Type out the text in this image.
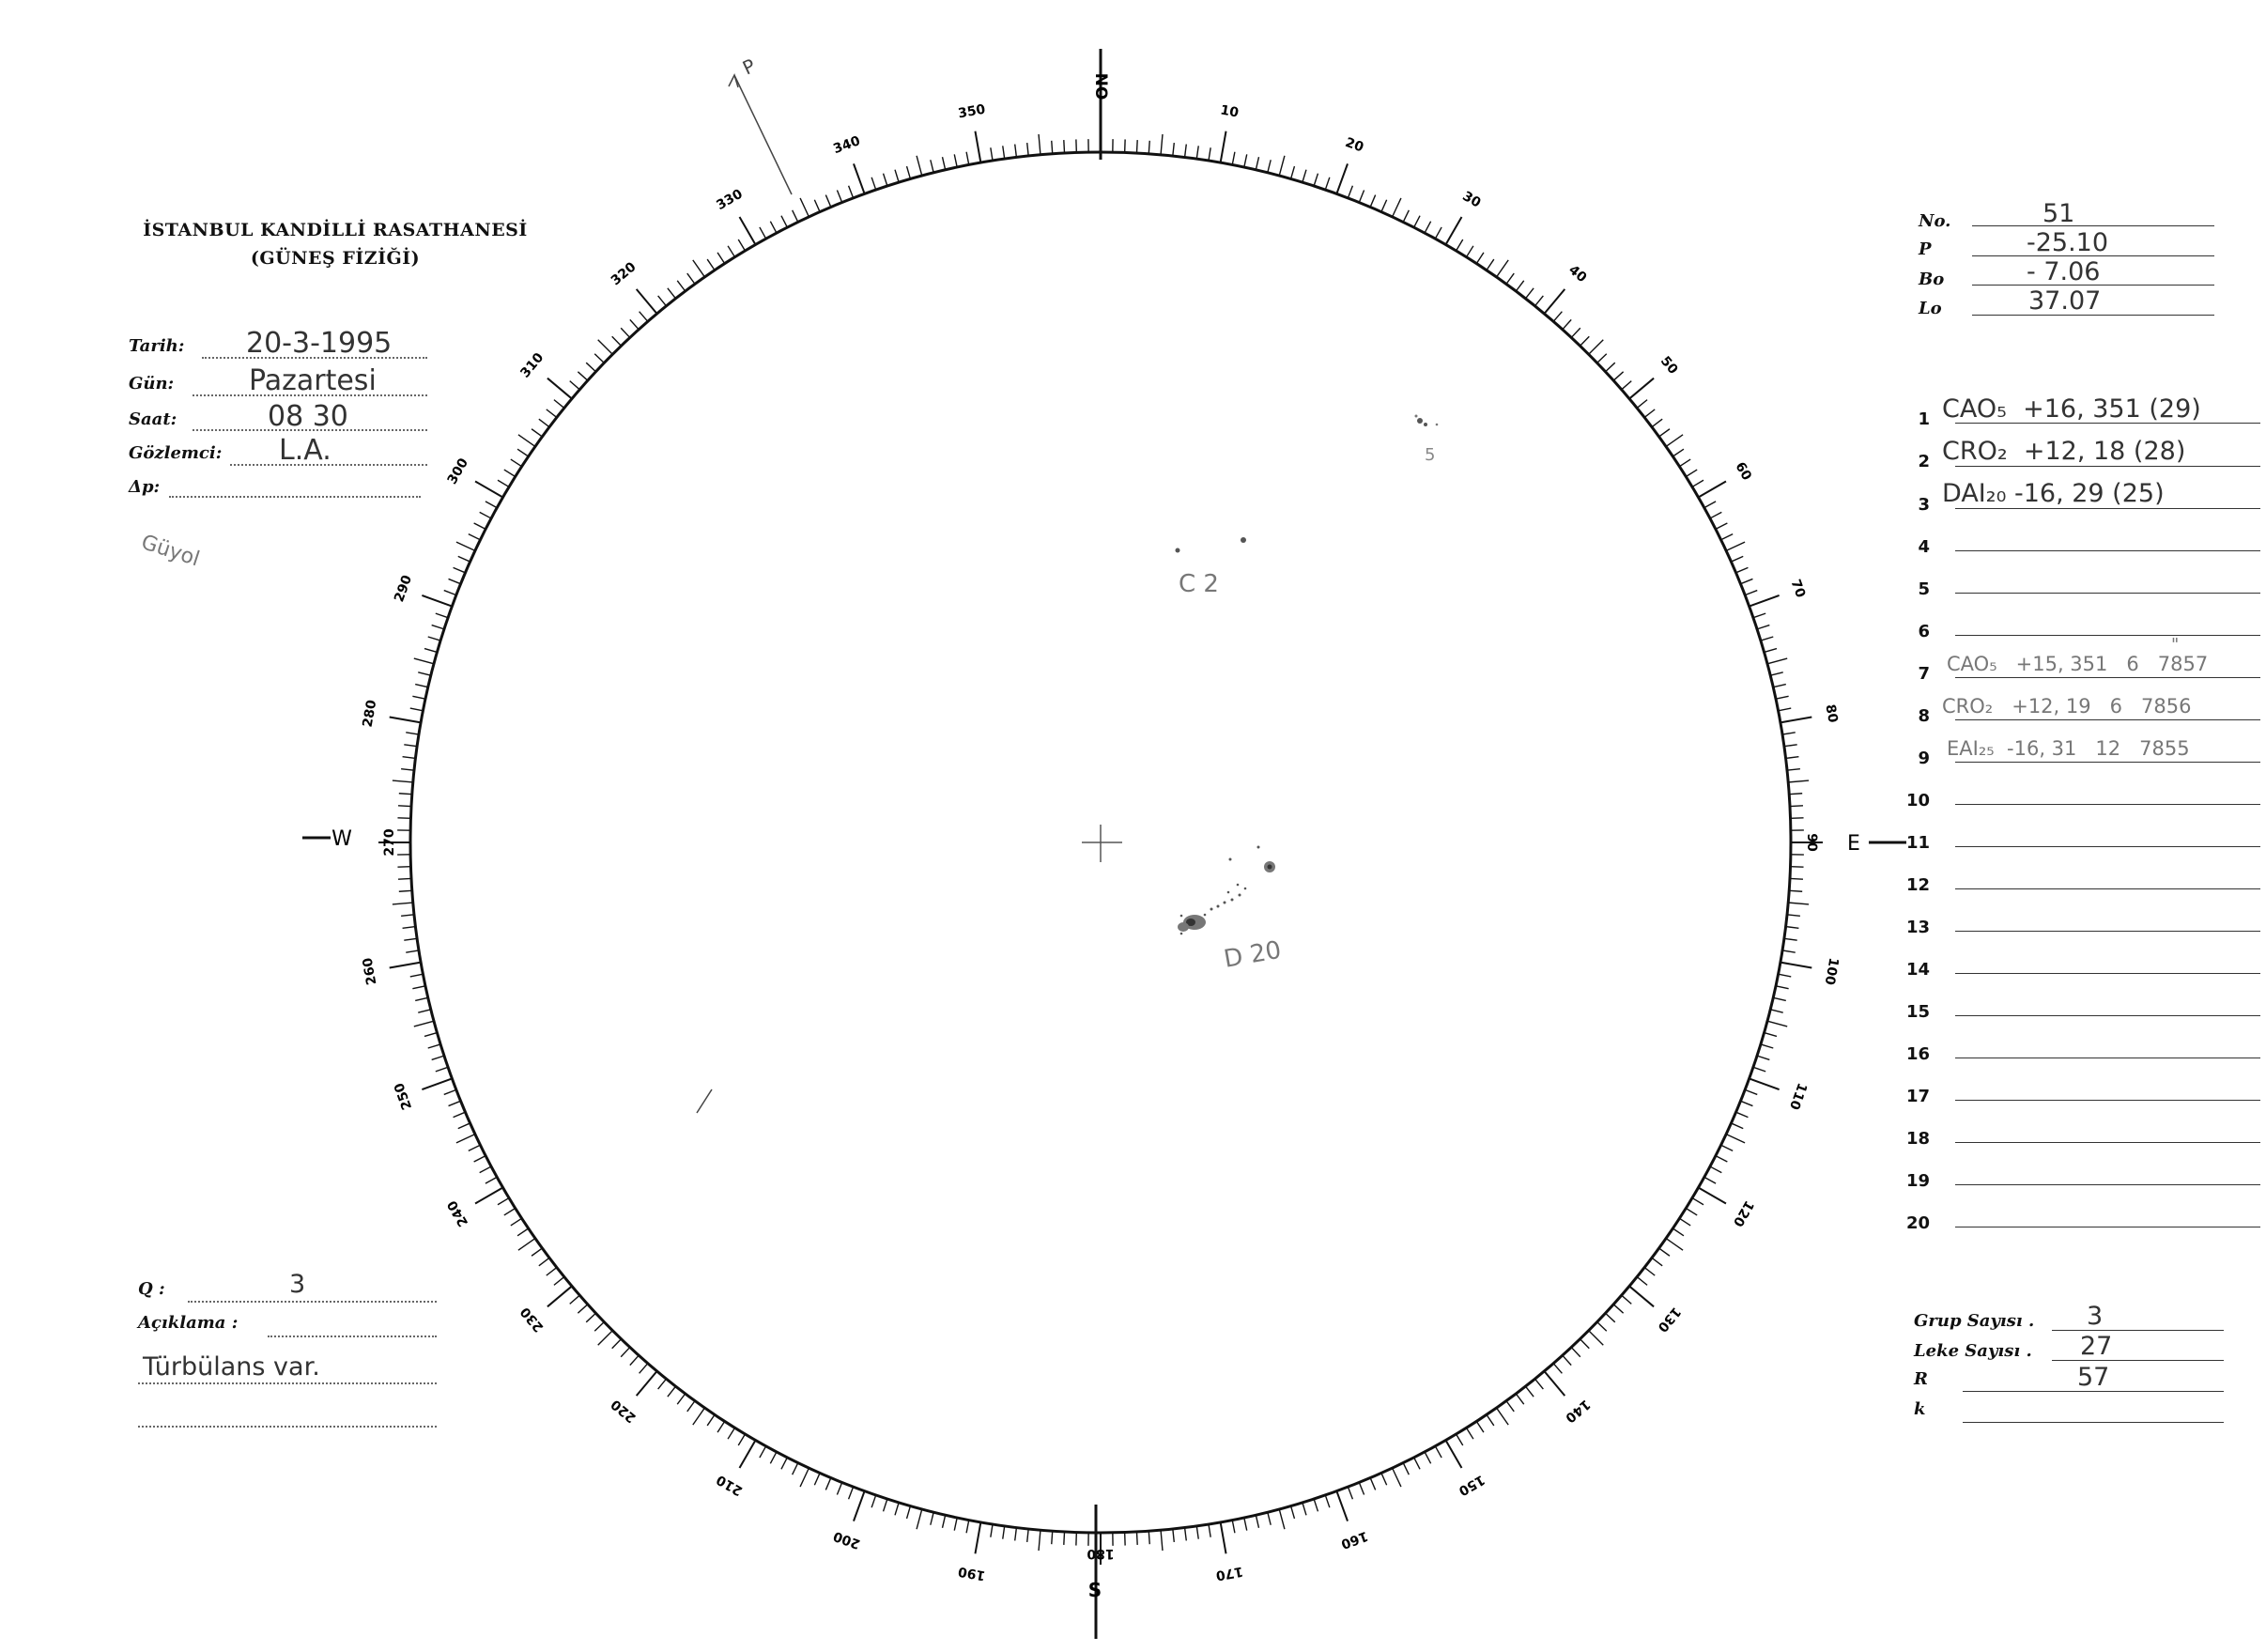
İSTANBUL KANDİLLİ RASATHANESİ
(GÜNEŞ FİZİĞİ)
Tarih: 20-3-1995
Gün:	Pazartesi
Saat:	08 30
Gözlemci: L.A.
Δp:
Güyol
No.	51
P	-25.10
Bo	- 7.06
Lo	37.07
1 CAO₅  +16, 351 (29)
2 CRO₂  +12, 18 (28)
3 DAI₂₀ -16, 29 (25)
4
5
6
7 CAO₅   +15, 351   6   7857
"
8 CRO₂   +12, 19   6   7856
9 EAI₂₅  -16, 31   12   7855
10
11
12
13
14
15
16
17
18
19
20
Q :	3
Açıklama :
Türbülans var.
Grup Sayısı . 3
Leke Sayısı . 27
R	57
k
10
20
30
40
50
60
70
80
100
110
120
130
140
150
160
170
190
200
210
220
230
240
250
260
280
290
300
310
320
330
340
350
90
180
270
NO
S
W	E
P
5
C 2
D 20
